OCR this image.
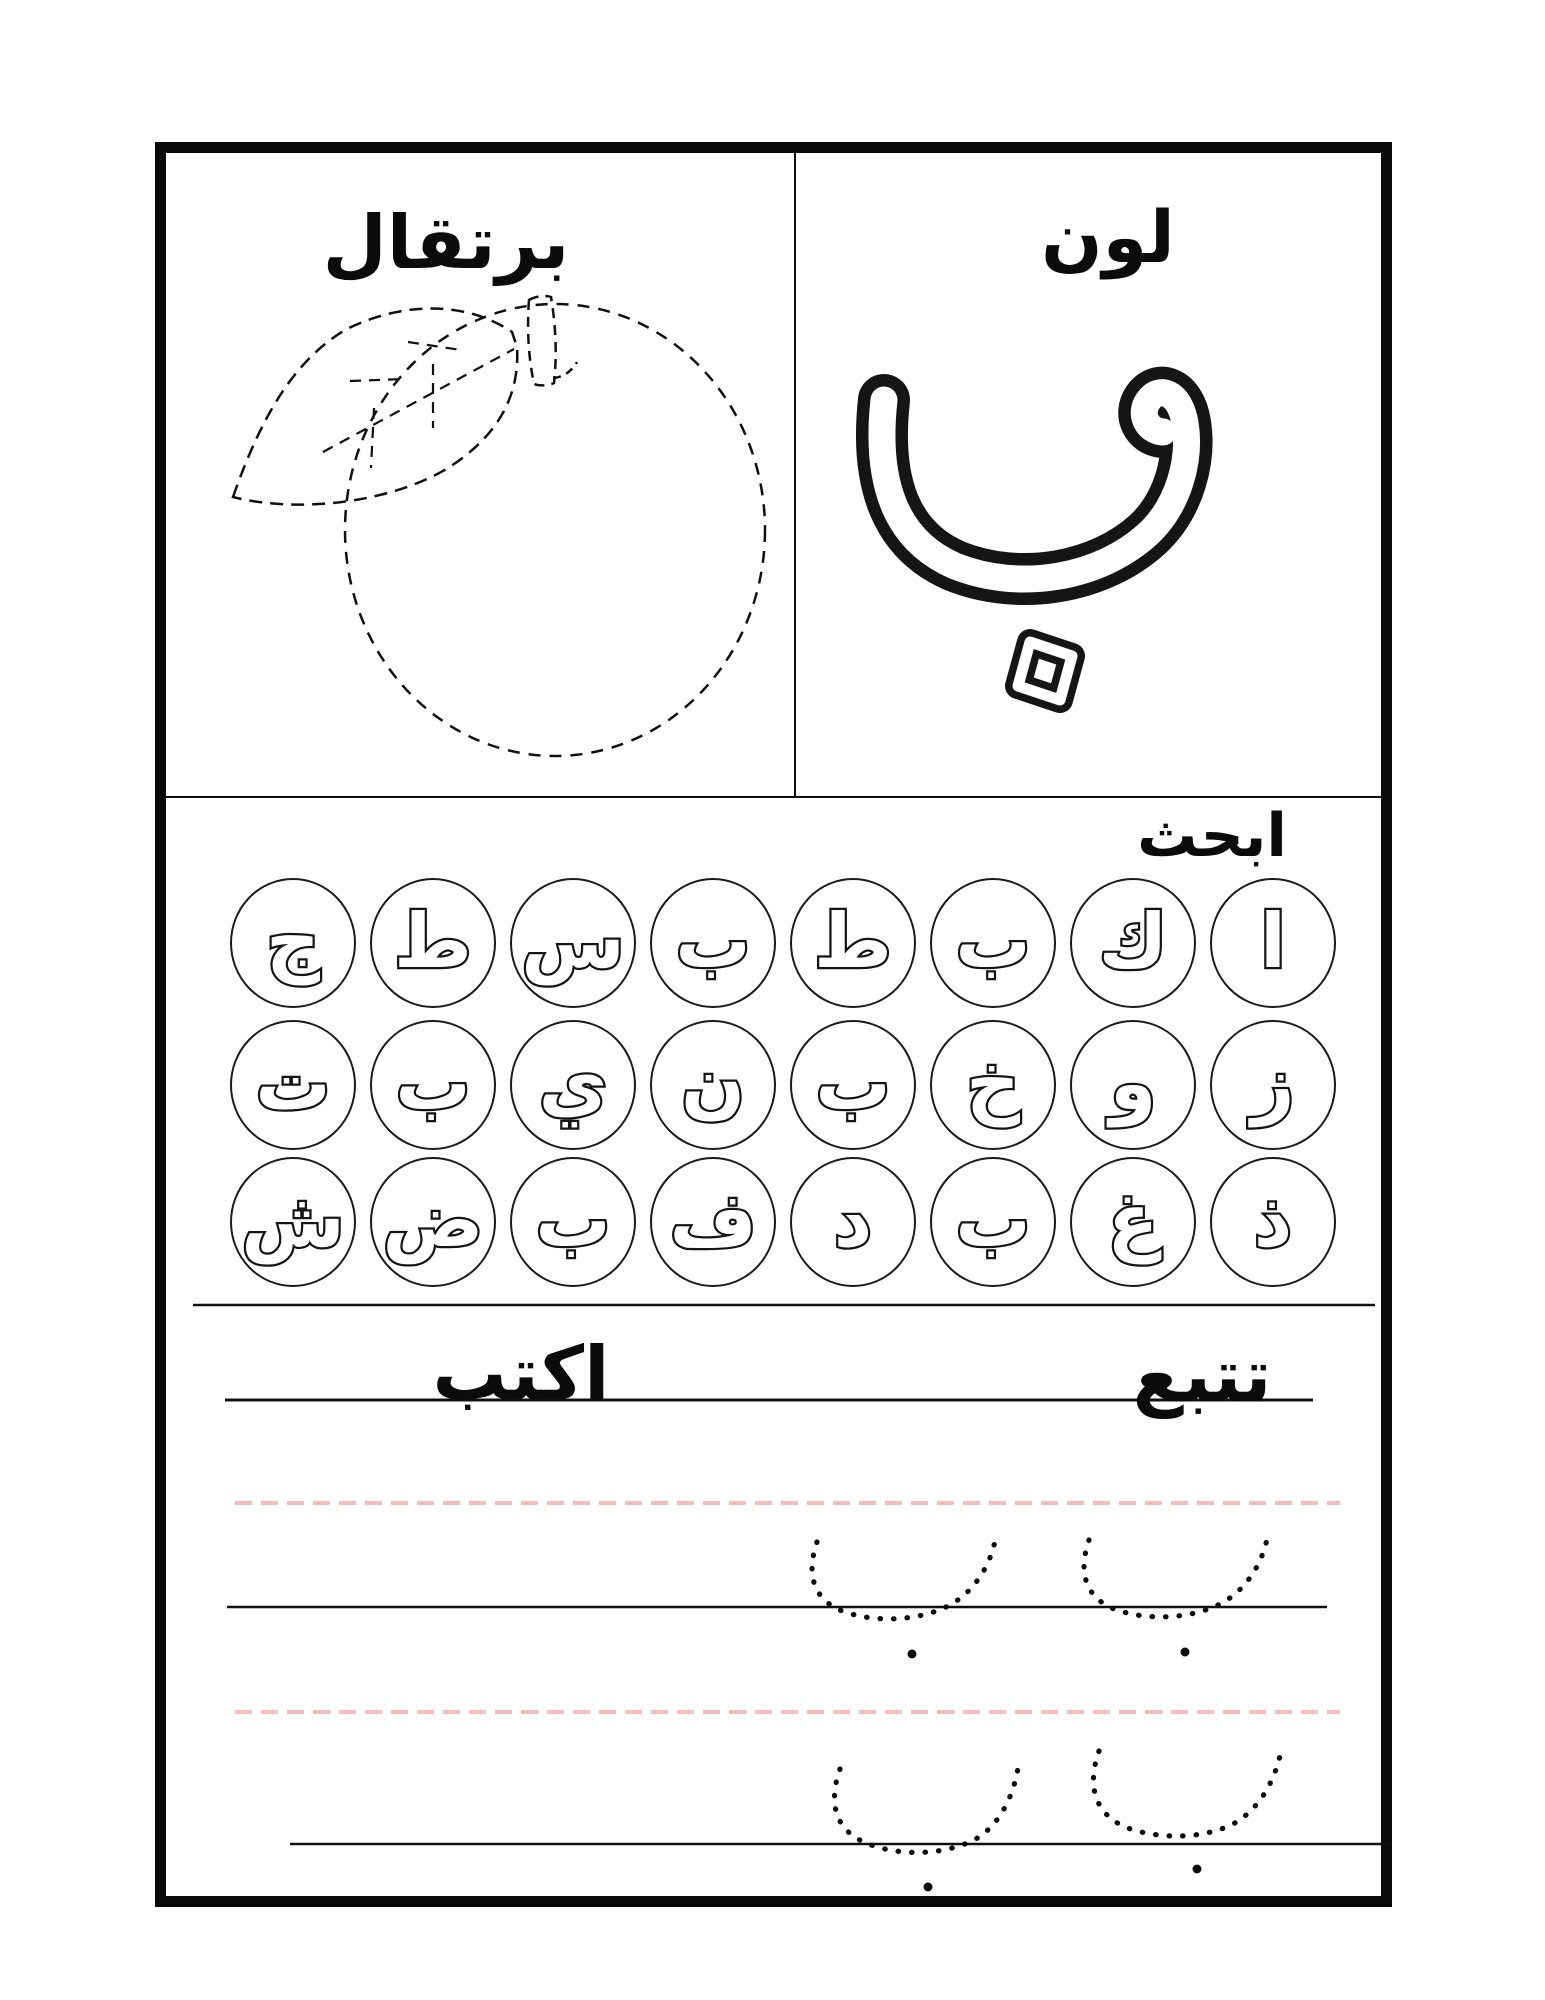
برتقال	لون
ابحث
ج ط س ب ط ب ك ا
ت ب ي ن ب خ و ز
ش ض ب ف د ب غ ذ
اكتب	تتبع
